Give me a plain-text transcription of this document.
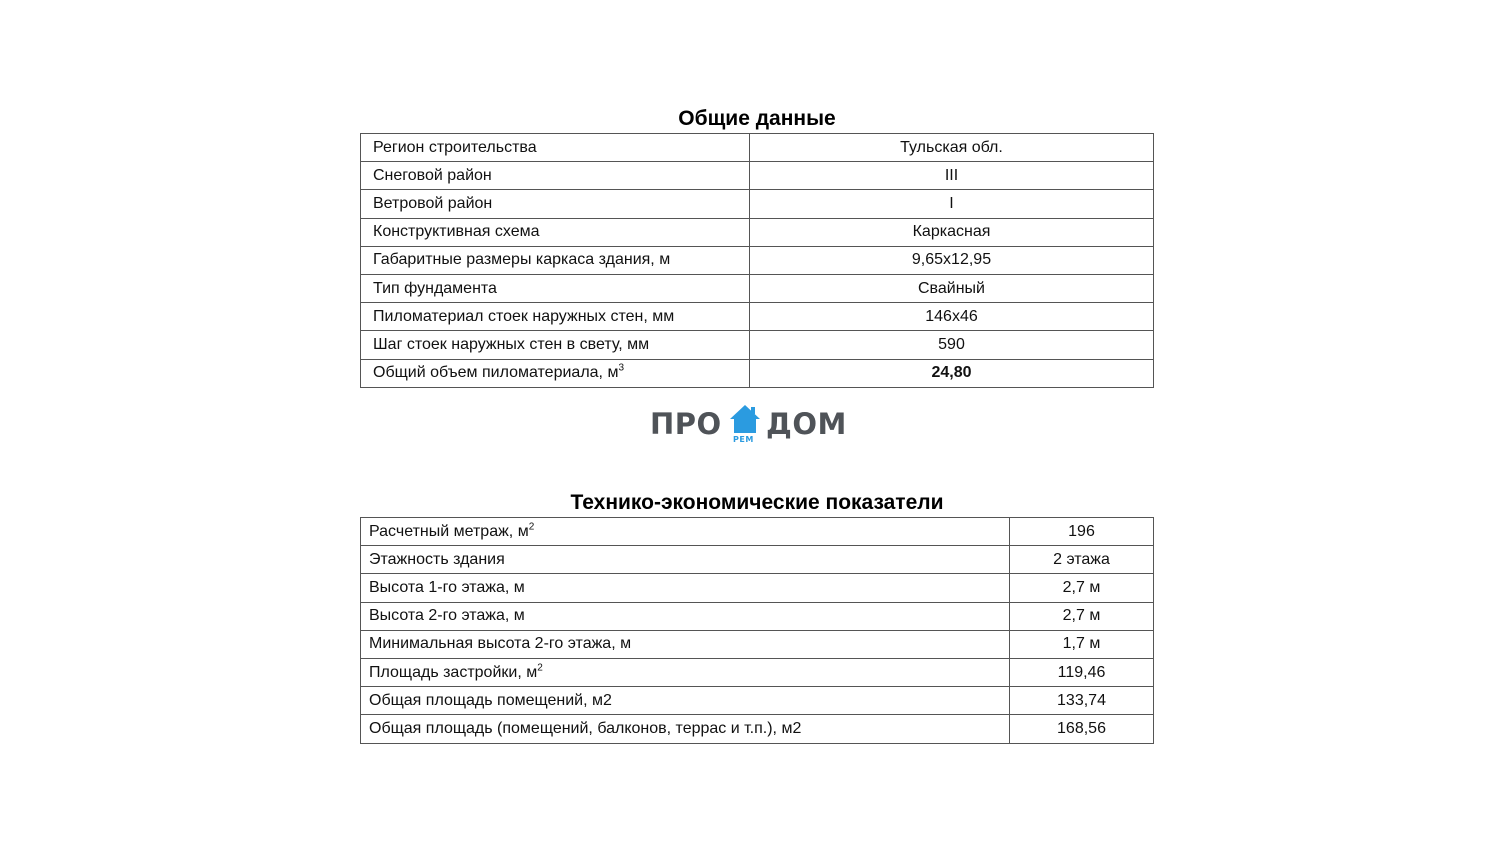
Общие данные
Регион строительства	Тульская обл.
Снеговой район	III
Ветровой район	I
Конструктивная схема	Каркасная
Габаритные размеры каркаса здания, м	9,65х12,95
Тип фундамента	Свайный
Пиломатериал стоек наружных стен, мм	146х46
Шаг стоек наружных стен в свету, мм	590
Общий объем пиломатериала, $м^3$	24,80
ПРО РЕМ ДОМ
Технико-экономические показатели
Расчетный метраж, $м^2$	196
Этажность здания	2 этажа
Высота 1-го этажа, м	2,7 м
Высота 2-го этажа, м	2,7 м
Минимальная высота 2-го этажа, м	1,7 м
Площадь застройки, $м^2$	119,46
Общая площадь помещений, м2	133,74
Общая площадь (помещений, балконов, террас и т.п.), м2	168,56
